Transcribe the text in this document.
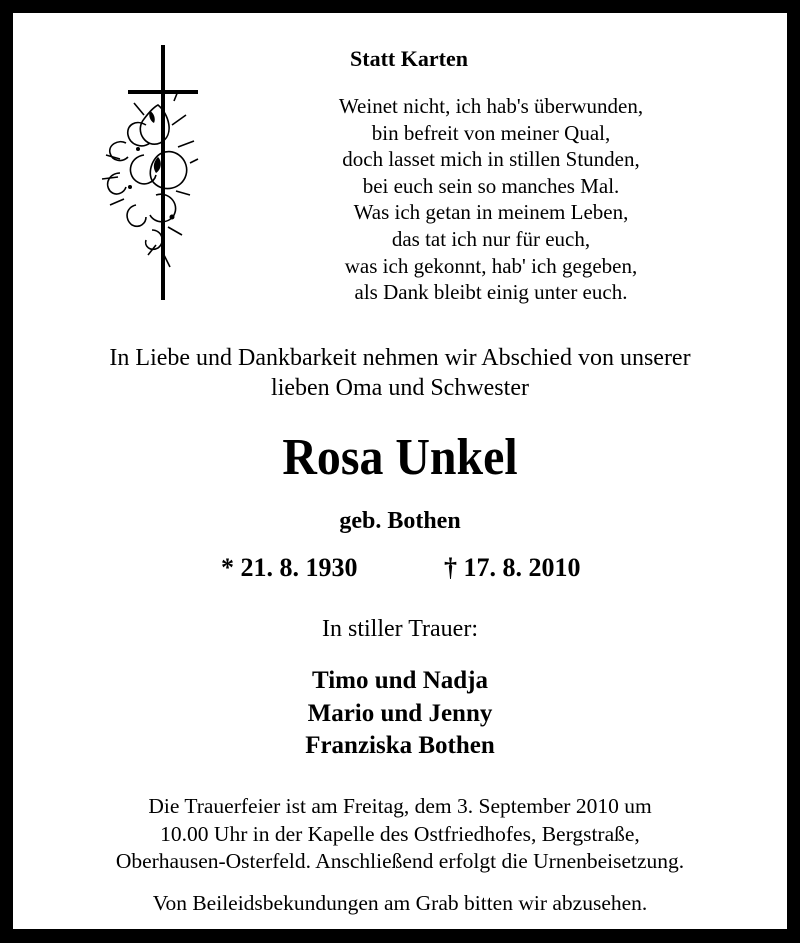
Statt Karten
Weinet nicht, ich hab's überwunden,
bin befreit von meiner Qual,
doch lasset mich in stillen Stunden,
bei euch sein so manches Mal.
Was ich getan in meinem Leben,
das tat ich nur für euch,
was ich gekonnt, hab' ich gegeben,
als Dank bleibt einig unter euch.
In Liebe und Dankbarkeit nehmen wir Abschied von unserer
lieben Oma und Schwester
Rosa Unkel
geb. Bothen
* 21. 8. 1930	† 17. 8. 2010
In stiller Trauer:
Timo und Nadja
Mario und Jenny
Franziska Bothen
Die Trauerfeier ist am Freitag, dem 3. September 2010 um
10.00 Uhr in der Kapelle des Ostfriedhofes, Bergstraße,
Oberhausen-Osterfeld. Anschließend erfolgt die Urnenbeisetzung.
Von Beileidsbekundungen am Grab bitten wir abzusehen.
